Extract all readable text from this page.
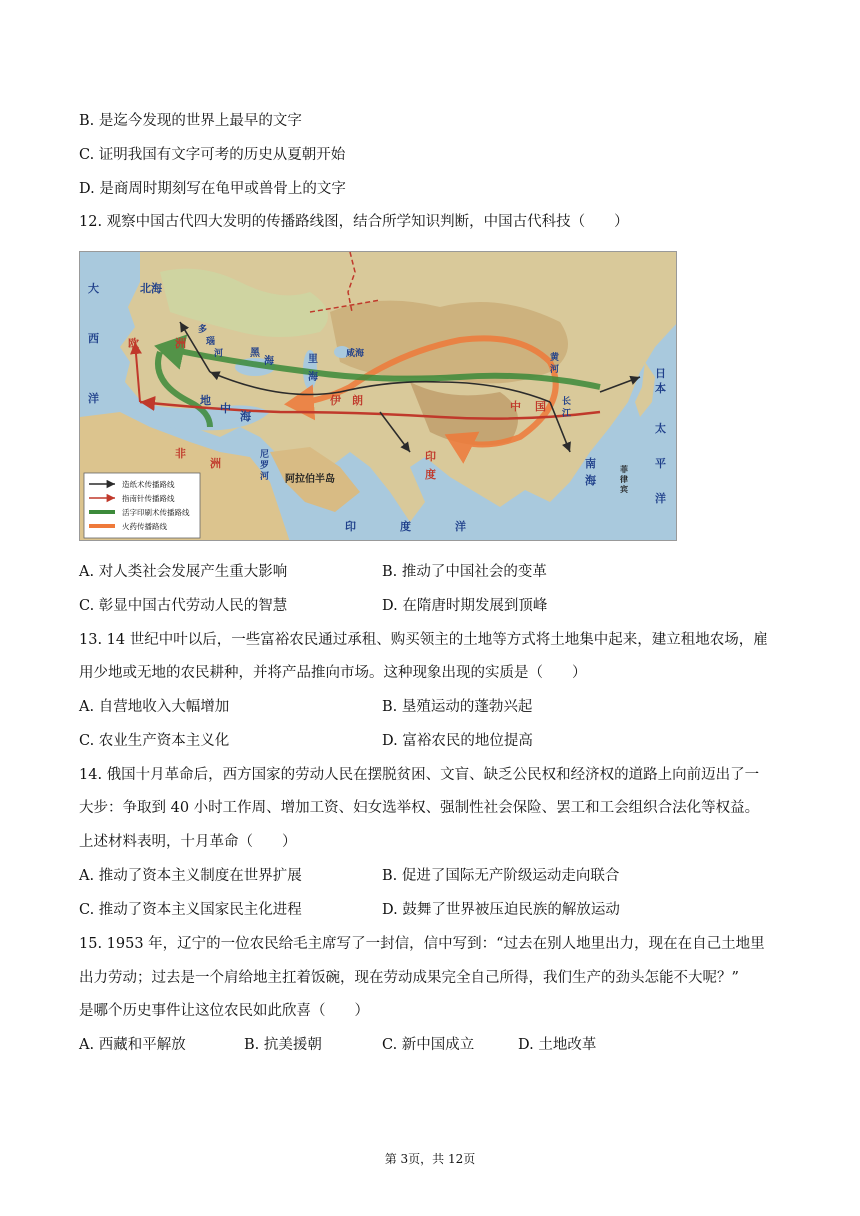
B. 是迄今发现的世界上最早的文字
C. 证明我国有文字可考的历史从夏朝开始
D. 是商周时期刻写在龟甲或兽骨上的文字
12. 观察中国古代四大发明的传播路线图，结合所学知识判断，中国古代科技（　　）
大
西
洋
北海
欧	洲
多
瑙
河	黑
海	里
海
咸海	黄
河
长
江
日
本
太
平
洋
伊 朗
印
度
非
洲
阿拉伯半岛
印	度	洋
中 国
南
海
菲
律
宾
地
中
海
尼
罗
河
造纸术传播路线
指南针传播路线
活字印刷术传播路线
火药传播路线
A. 对人类社会发展产生重大影响	B. 推动了中国社会的变革
C. 彰显中国古代劳动人民的智慧	D. 在隋唐时期发展到顶峰
13. 14 世纪中叶以后，一些富裕农民通过承租、购买领主的土地等方式将土地集中起来，建立租地农场，雇
用少地或无地的农民耕种，并将产品推向市场。这种现象出现的实质是（　　）
A. 自营地收入大幅增加	B. 垦殖运动的蓬勃兴起
C. 农业生产资本主义化	D. 富裕农民的地位提高
14. 俄国十月革命后，西方国家的劳动人民在摆脱贫困、文盲、缺乏公民权和经济权的道路上向前迈出了一
大步：争取到 40 小时工作周、增加工资、妇女选举权、强制性社会保险、罢工和工会组织合法化等权益。
上述材料表明，十月革命（　　）
A. 推动了资本主义制度在世界扩展	B. 促进了国际无产阶级运动走向联合
C. 推动了资本主义国家民主化进程	D. 鼓舞了世界被压迫民族的解放运动
15. 1953 年，辽宁的一位农民给毛主席写了一封信，信中写到：“过去在别人地里出力，现在在自己土地里
出力劳动；过去是一个肩给地主扛着饭碗，现在劳动成果完全自己所得，我们生产的劲头怎能不大呢？”
是哪个历史事件让这位农民如此欣喜（　　）
A. 西藏和平解放	B. 抗美援朝	C. 新中国成立	D. 土地改革
第 3页，共 12页
